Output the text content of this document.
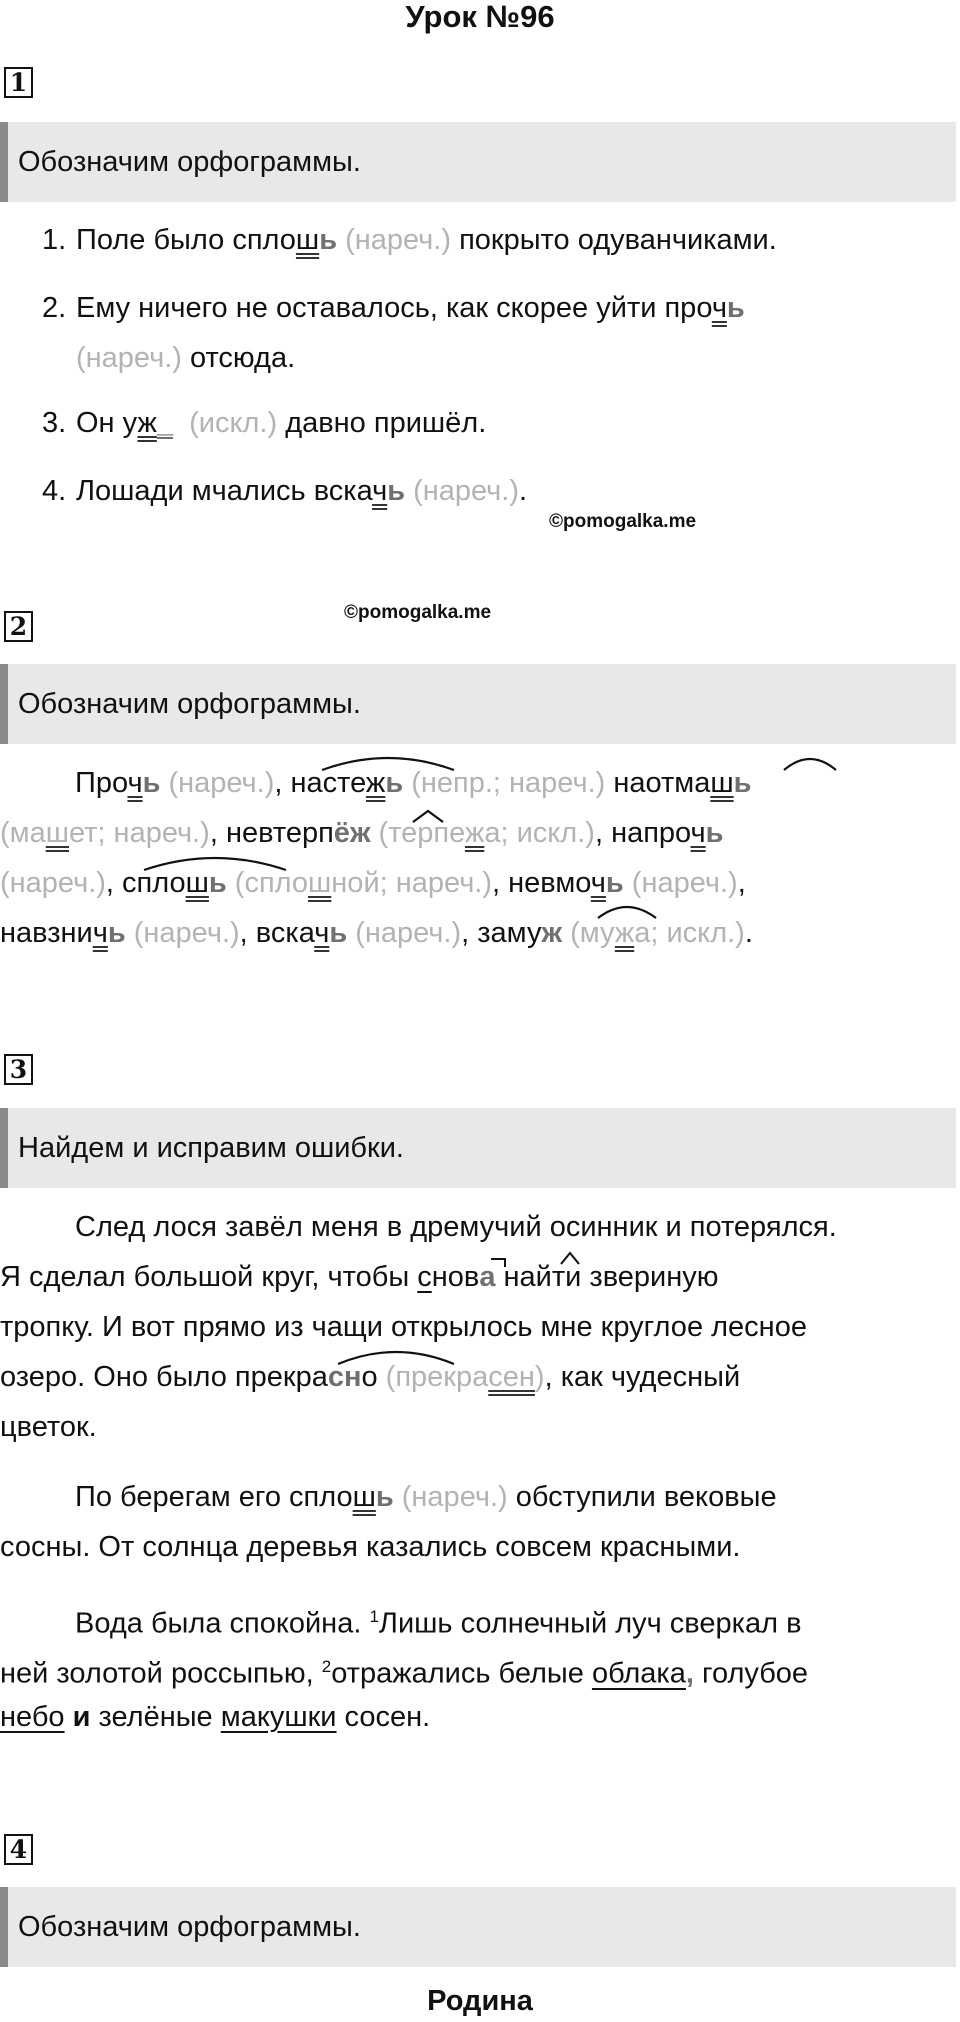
Урок №96
1
Обозначим орфограммы.
1. Поле было сплошь (нареч.) покрыто одуванчиками.
2. Ему ничего не оставалось, как скорее уйти прочь
(нареч.) отсюда.
3. Он уж_  (искл.) давно пришёл.
4. Лошади мчались вскачь (нареч.).
©pomogalka.me
©pomogalka.me
2
Обозначим орфограммы.
Прочь (нареч.), настежь (непр.; нареч.) наотмашь
(машет; нареч.), невтерпёж (терпежа; искл.), напрочь
(нареч.), сплошь (сплошной; нареч.), невмочь (нареч.),
навзничь (нареч.), вскачь (нареч.), замуж (мужа; искл.).
3
Найдем и исправим ошибки.
След лося завёл меня в дремучий осинник и потерялся.
Я сделал большой круг, чтобы снова найти звериную
тропку. И вот прямо из чащи открылось мне круглое лесное
озеро. Оно было прекрасно (прекрасен), как чудесный
цветок.
По берегам его сплошь (нареч.) обступили вековые
сосны. От солнца деревья казались совсем красными.
Вода была спокойна. $^1$Лишь солнечный луч сверкал в
ней золотой россыпью, $^2$отражались белые облака, голубое
небо и зелёные макушки сосен.
4
Обозначим орфограммы.
Родина
